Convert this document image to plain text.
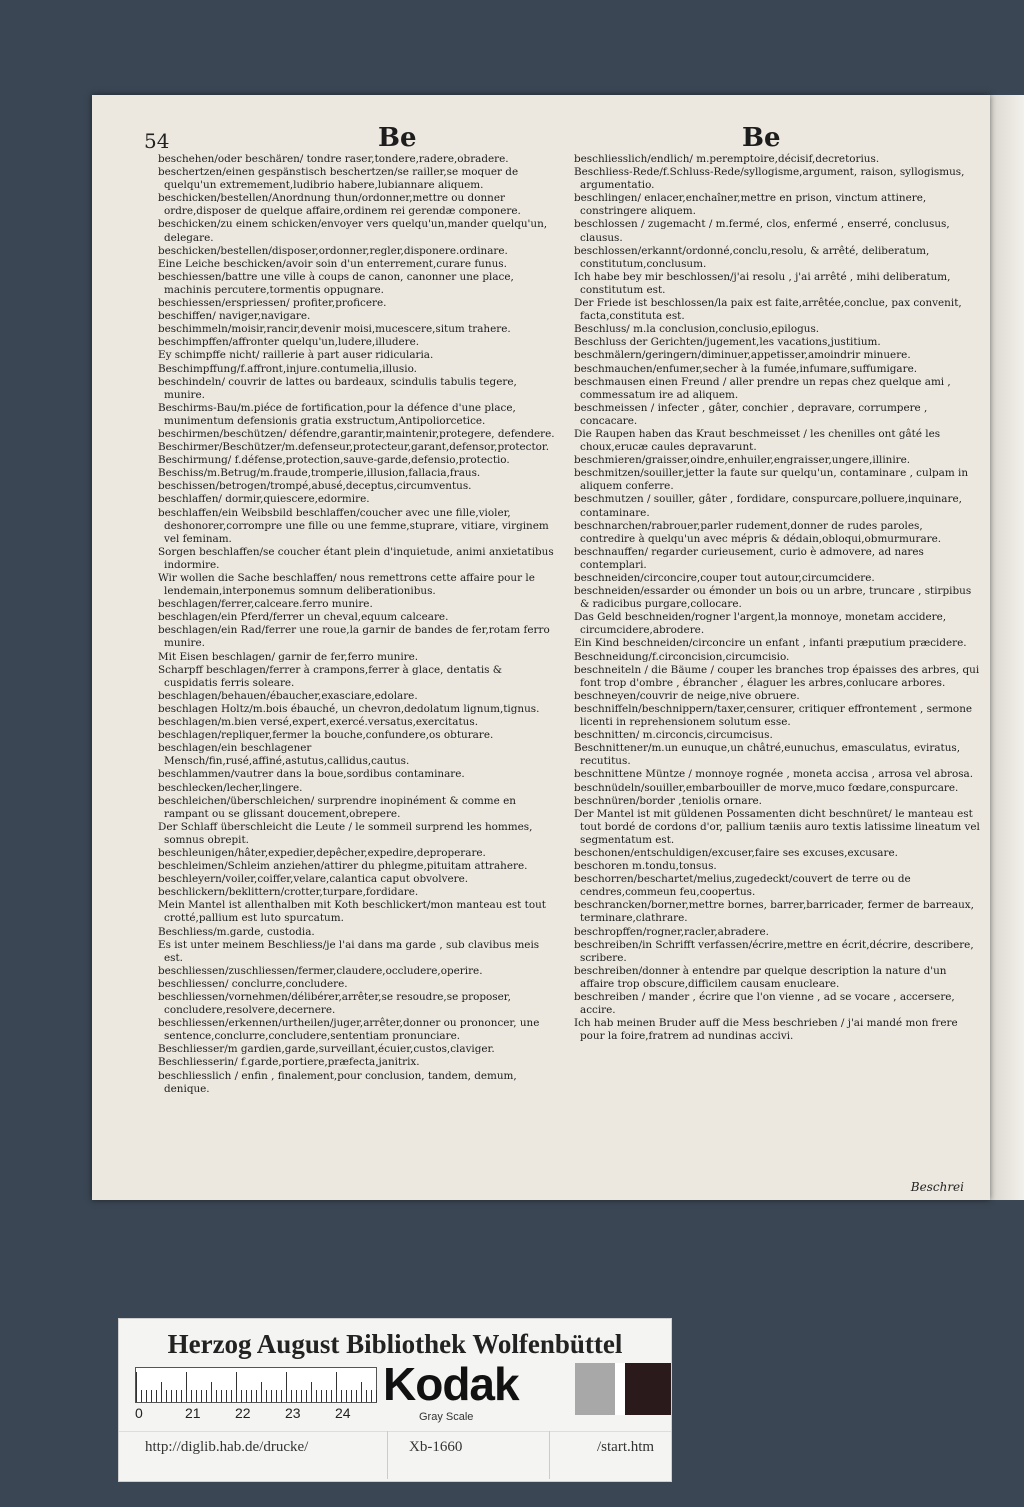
54	Be	Be
beschehen/oder beschären/ tondre raser,tondere,radere,obradere.
beschertzen/einen gespänstisch beschertzen/se railler,se moquer de quelqu'un extremement,ludibrio habere,lubiannare aliquem.
beschicken/bestellen/Anordnung thun/ordonner,mettre ou donner ordre,disposer de quelque affaire,ordinem rei gerendæ componere.
beschicken/zu einem schicken/envoyer vers quelqu'un,mander quelqu'un, delegare.
beschicken/bestellen/disposer,ordonner,regler,disponere.ordinare.
Eine Leiche beschicken/avoir soin d'un enterrement,curare funus.
beschiessen/battre une ville à coups de canon, canonner une place, machinis percutere,tormentis oppugnare.
beschiessen/erspriessen/ profiter,proficere.
beschiffen/ naviger,navigare.
beschimmeln/moisir,rancir,devenir moisi,mucescere,situm trahere.
beschimpffen/affronter quelqu'un,ludere,illudere.
Ey schimpffe nicht/ raillerie à part auser ridicularia.
Beschimpffung/f.affront,injure.contumelia,illusio.
beschindeln/ couvrir de lattes ou bardeaux, scindulis tabulis tegere, munire.
Beschirms-Bau/m.piéce de fortification,pour la défence d'une place, munimentum defensionis gratia exstructum,Antipoliorcetice.
beschirmen/beschützen/ défendre,garantir,maintenir,protegere, defendere.
Beschirmer/Beschützer/m.defenseur,protecteur,garant,defensor,protector.
Beschirmung/ f.défense,protection,sauve-garde,defensio,protectio.
Beschiss/m.Betrug/m.fraude,tromperie,illusion,fallacia,fraus.
beschissen/betrogen/trompé,abusé,deceptus,circumventus.
beschlaffen/ dormir,quiescere,edormire.
beschlaffen/ein Weibsbild beschlaffen/coucher avec une fille,violer, deshonorer,corrompre une fille ou une femme,stuprare, vitiare, virginem vel feminam.
Sorgen beschlaffen/se coucher étant plein d'inquietude, animi anxietatibus indormire.
Wir wollen die Sache beschlaffen/ nous remettrons cette affaire pour le lendemain,interponemus somnum deliberationibus.
beschlagen/ferrer,calceare.ferro munire.
beschlagen/ein Pferd/ferrer un cheval,equum calceare.
beschlagen/ein Rad/ferrer une roue,la garnir de bandes de fer,rotam ferro munire.
Mit Eisen beschlagen/ garnir de fer,ferro munire.
Scharpff beschlagen/ferrer à crampons,ferrer à glace, dentatis & cuspidatis ferris soleare.
beschlagen/behauen/ébaucher,exasciare,edolare.
beschlagen Holtz/m.bois ébauché, un chevron,dedolatum lignum,tignus.
beschlagen/m.bien versé,expert,exercé.versatus,exercitatus.
beschlagen/repliquer,fermer la bouche,confundere,os obturare.
beschlagen/ein beschlagener Mensch/fin,rusé,affiné,astutus,callidus,cautus.
beschlammen/vautrer dans la boue,sordibus contaminare.
beschlecken/lecher,lingere.
beschleichen/überschleichen/ surprendre inopinément & comme en rampant ou se glissant doucement,obrepere.
Der Schlaff überschleicht die Leute / le sommeil surprend les hommes, somnus obrepit.
beschleunigen/hâter,expedier,depêcher,expedire,deproperare.
beschleimen/Schleim anziehen/attirer du phlegme,pituitam attrahere.
beschleyern/voiler,coiffer,velare,calantica caput obvolvere.
beschlickern/beklittern/crotter,turpare,fordidare.
Mein Mantel ist allenthalben mit Koth beschlickert/mon manteau est tout crotté,pallium est luto spurcatum.
Beschliess/m.garde, custodia.
Es ist unter meinem Beschliess/je l'ai dans ma garde , sub clavibus meis est.
beschliessen/zuschliessen/fermer,claudere,occludere,operire.
beschliessen/ conclurre,concludere.
beschliessen/vornehmen/délibérer,arrêter,se resoudre,se proposer, concludere,resolvere,decernere.
beschliessen/erkennen/urtheilen/juger,arrêter,donner ou prononcer, une sentence,conclurre,concludere,sententiam pronunciare.
Beschliesser/m gardien,garde,surveillant,écuier,custos,claviger.
Beschliesserin/ f.garde,portiere,præfecta,janitrix.
beschliesslich / enfin , finalement,pour conclusion, tandem, demum, denique.
beschliesslich/endlich/ m.peremptoire,décisif,decretorius.
Beschliess-Rede/f.Schluss-Rede/syllogisme,argument, raison, syllogismus, argumentatio.
beschlingen/ enlacer,enchaîner,mettre en prison, vinctum attinere, constringere aliquem.
beschlossen / zugemacht / m.fermé, clos, enfermé , enserré, conclusus, clausus.
beschlossen/erkannt/ordonné,conclu,resolu, & arrêté, deliberatum, constitutum,conclusum.
Ich habe bey mir beschlossen/j'ai resolu , j'ai arrêté , mihi deliberatum, constitutum est.
Der Friede ist beschlossen/la paix est faite,arrêtée,conclue, pax convenit, facta,constituta est.
Beschluss/ m.la conclusion,conclusio,epilogus.
Beschluss der Gerichten/jugement,les vacations,justitium.
beschmälern/geringern/diminuer,appetisser,amoindrir minuere.
beschmauchen/enfumer,secher à la fumée,infumare,suffumigare.
beschmausen einen Freund / aller prendre un repas chez quelque ami , commessatum ire ad aliquem.
beschmeissen / infecter , gâter, conchier , depravare, corrumpere , concacare.
Die Raupen haben das Kraut beschmeisset / les chenilles ont gâté les choux,erucæ caules depravarunt.
beschmieren/graisser,oindre,enhuiler,engraisser,ungere,illinire.
beschmitzen/souiller,jetter la faute sur quelqu'un, contaminare , culpam in aliquem conferre.
beschmutzen / souiller, gâter , fordidare, conspurcare,polluere,inquinare, contaminare.
beschnarchen/rabrouer,parler rudement,donner de rudes paroles, contredire à quelqu'un avec mépris & dédain,obloqui,obmurmurare.
beschnauffen/ regarder curieusement, curio è admovere, ad nares contemplari.
beschneiden/circoncire,couper tout autour,circumcidere.
beschneiden/essarder ou émonder un bois ou un arbre, truncare , stirpibus & radicibus purgare,collocare.
Das Geld beschneiden/rogner l'argent,la monnoye, monetam accidere, circumcidere,abrodere.
Ein Kind beschneiden/circoncire un enfant , infanti præputium præcidere.
Beschneidung/f.circoncision,circumcisio.
beschneiteln / die Bäume / couper les branches trop épaisses des arbres, qui font trop d'ombre , ébrancher , élaguer les arbres,conlucare arbores.
beschneyen/couvrir de neige,nive obruere.
beschniffeln/beschnippern/taxer,censurer, critiquer effrontement , sermone licenti in reprehensionem solutum esse.
beschnitten/ m.circoncis,circumcisus.
Beschnittener/m.un eunuque,un châtré,eunuchus, emasculatus, eviratus, recutitus.
beschnittene Müntze / monnoye rognée , moneta accisa , arrosa vel abrosa.
beschnüdeln/souiller,embarbouiller de morve,muco fœdare,conspurcare.
beschnüren/border ,teniolis ornare.
Der Mantel ist mit güldenen Possamenten dicht beschnüret/ le manteau est tout bordé de cordons d'or, pallium tæniis auro textis latissime lineatum vel segmentatum est.
beschonen/entschuldigen/excuser,faire ses excuses,excusare.
beschoren m.tondu,tonsus.
beschorren/beschartet/melius,zugedeckt/couvert de terre ou de cendres,commeun feu,coopertus.
beschrancken/borner,mettre bornes, barrer,barricader, fermer de barreaux, terminare,clathrare.
beschropffen/rogner,racler,abradere.
beschreiben/in Schrifft verfassen/écrire,mettre en écrit,décrire, describere, scribere.
beschreiben/donner à entendre par quelque description la nature d'un affaire trop obscure,difficilem causam enucleare.
beschreiben / mander , écrire que l'on vienne , ad se vocare , accersere, accire.
Ich hab meinen Bruder auff die Mess beschrieben / j'ai mandé mon frere pour la foire,fratrem ad nundinas accivi.
Beschrei
Herzog August Bibliothek Wolfenbüttel
0	21 22 23 24
Kodak
Gray Scale
http://diglib.hab.de/drucke/	Xb-1660	/start.htm
